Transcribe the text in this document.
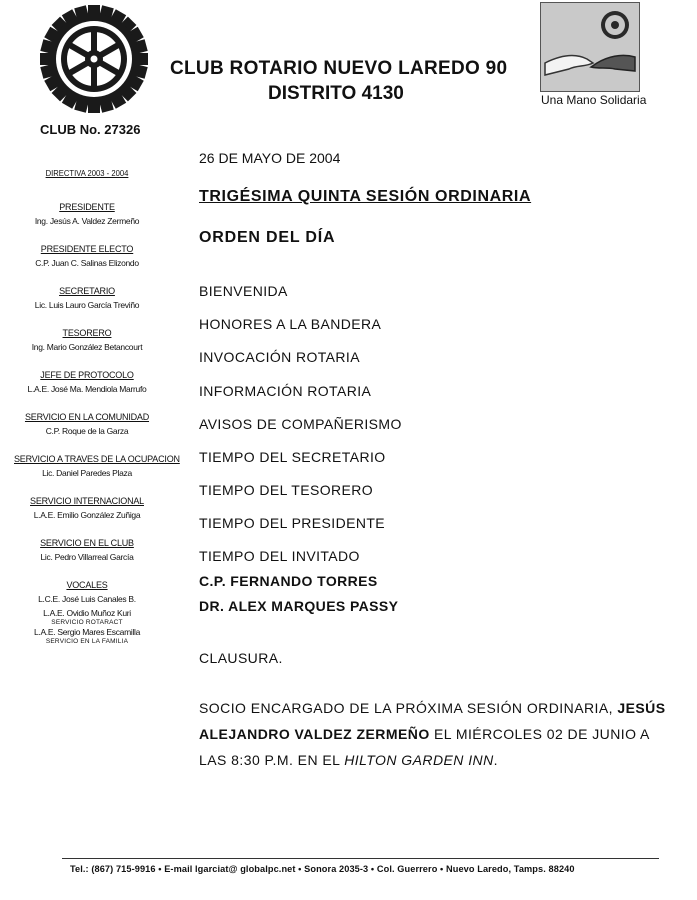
CLUB ROTARIO NUEVO LAREDO 90
DISTRITO 4130
CLUB No. 27326
Una Mano Solidaria
DIRECTIVA 2003 - 2004
PRESIDENTE
Ing. Jesús A. Valdez Zermeño
PRESIDENTE ELECTO
C.P. Juan C. Salinas Elizondo
SECRETARIO
Lic. Luis Lauro García Treviño
TESORERO
Ing. Mario González Betancourt
JEFE DE PROTOCOLO
L.A.E. José Ma. Mendiola Marrufo
SERVICIO EN LA COMUNIDAD
C.P. Roque de la Garza
SERVICIO A TRAVES DE LA OCUPACION
Lic. Daniel Paredes Plaza
SERVICIO INTERNACIONAL
L.A.E. Emilio González Zuñiga
SERVICIO EN EL CLUB
Lic. Pedro Villarreal García
VOCALES
L.C.E. José Luis Canales B.
L.A.E. Ovidio Muñoz Kuri
SERVICIO ROTARACT
L.A.E. Sergio Mares Escamilla
SERVICIO EN LA FAMILIA
26 DE MAYO DE 2004
TRIGÉSIMA QUINTA SESIÓN ORDINARIA
ORDEN DEL DÍA
BIENVENIDA
HONORES A LA BANDERA
INVOCACIÓN ROTARIA
INFORMACIÓN ROTARIA
AVISOS DE COMPAÑERISMO
TIEMPO DEL SECRETARIO
TIEMPO DEL TESORERO
TIEMPO DEL PRESIDENTE
TIEMPO DEL INVITADO
C.P. FERNANDO TORRES
DR. ALEX MARQUES PASSY
CLAUSURA.
SOCIO ENCARGADO DE LA PRÓXIMA SESIÓN ORDINARIA, JESÚS ALEJANDRO VALDEZ ZERMEÑO EL MIÉRCOLES 02 DE JUNIO A LAS 8:30 P.M. EN EL HILTON GARDEN INN.
Tel.: (867) 715-9916 • E-mail lgarciat@ globalpc.net • Sonora 2035-3 • Col. Guerrero • Nuevo Laredo, Tamps. 88240
